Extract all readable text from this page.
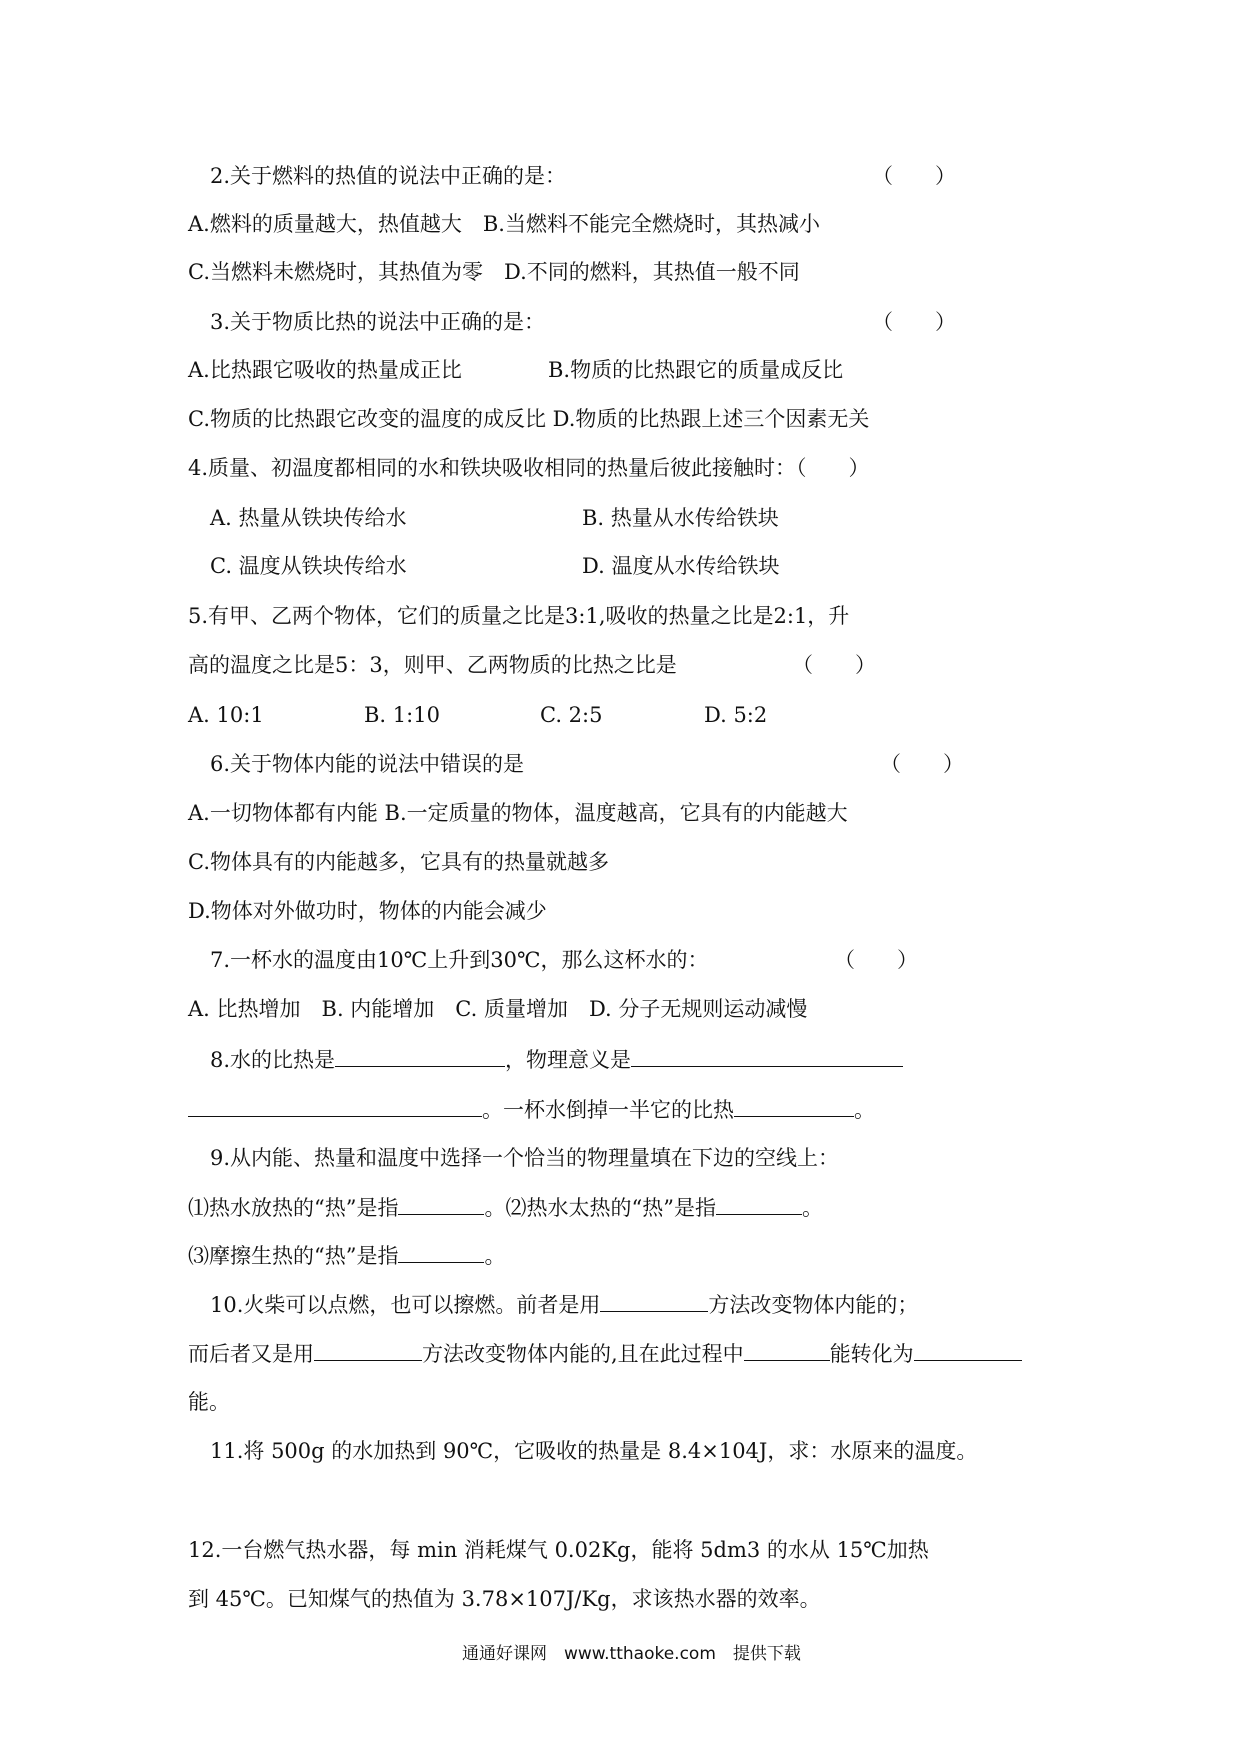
2.关于燃料的热值的说法中正确的是：	（　　）
A.燃料的质量越大，热值越大　B.当燃料不能完全燃烧时，其热减小
C.当燃料未燃烧时，其热值为零　D.不同的燃料，其热值一般不同
3.关于物质比热的说法中正确的是：	（　　）
A.比热跟它吸收的热量成正比	B.物质的比热跟它的质量成反比
C.物质的比热跟它改变的温度的成反比 D.物质的比热跟上述三个因素无关
4.质量、初温度都相同的水和铁块吸收相同的热量后彼此接触时：（　　）
A. 热量从铁块传给水	B. 热量从水传给铁块
C. 温度从铁块传给水	D. 温度从水传给铁块
5.有甲、乙两个物体，它们的质量之比是3:1,吸收的热量之比是2:1，升
高的温度之比是5：3，则甲、乙两物质的比热之比是	（　　）
A. 10:1	B. 1:10	C. 2:5	D. 5:2
6.关于物体内能的说法中错误的是	（　　）
A.一切物体都有内能 B.一定质量的物体，温度越高，它具有的内能越大
C.物体具有的内能越多，它具有的热量就越多
D.物体对外做功时，物体的内能会减少
7.一杯水的温度由10℃上升到30℃，那么这杯水的：	（　　）
A. 比热增加　B. 内能增加　C. 质量增加　D. 分子无规则运动减慢
8.水的比热是	，物理意义是
。一杯水倒掉一半它的比热	。
9.从内能、热量和温度中选择一个恰当的物理量填在下边的空线上：
⑴热水放热的“热”是指	。⑵热水太热的“热”是指	。
⑶摩擦生热的“热”是指	。
10.火柴可以点燃，也可以擦燃。前者是用	方法改变物体内能的；
而后者又是用	方法改变物体内能的,且在此过程中	能转化为
能。
11.将 500g 的水加热到 90℃，它吸收的热量是 8.4×104J，求：水原来的温度。
12.一台燃气热水器，每 min 消耗煤气 0.02Kg，能将 5dm3 的水从 15℃加热
到 45℃。已知煤气的热值为 3.78×107J/Kg，求该热水器的效率。
通通好课网　www.tthaoke.com　提供下载
